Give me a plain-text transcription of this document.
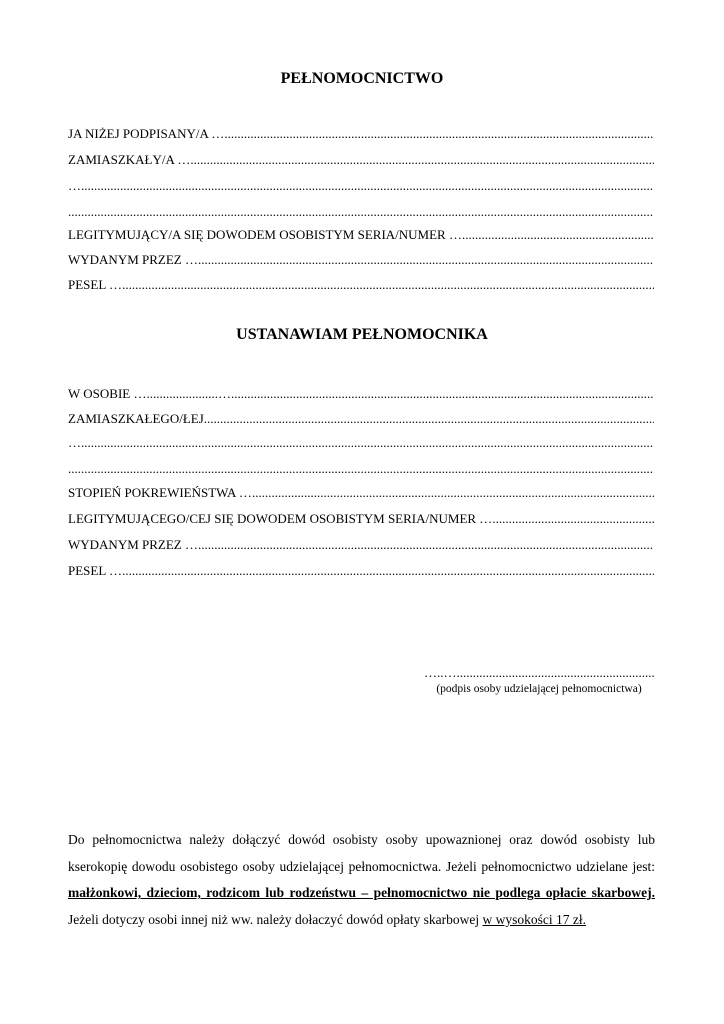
PEŁNOMOCNICTWO
JA NIŻEJ PODPISANY/A … .....
ZAMIASZKAŁY/A … .....
… .....
.....
LEGITYMUJĄCY/A SIĘ DOWODEM OSOBISTYM SERIA/NUMER … .....
WYDANYM PRZEZ … .....
PESEL … .....
USTANAWIAM PEŁNOMOCNIKA
W OSOBIE …......................… .....
ZAMIASZKAŁEGO/ŁEJ .....
… .....
.....
STOPIEŃ POKREWIEŃSTWA … .....
LEGITYMUJĄCEGO/CEJ SIĘ DOWODEM OSOBISTYM SERIA/NUMER … .....
WYDANYM PRZEZ … .....
PESEL … .....
…..… .....
(podpis osoby udzielającej pełnomocnictwa)
Do pełnomocnictwa należy dołączyć dowód osobisty osoby upowaznionej oraz dowód osobisty lub kserokopię dowodu osobistego osoby udzielającej pełnomocnictwa. Jeżeli pełnomocnictwo udzielane jest: małżonkowi, dzieciom, rodzicom lub rodzeństwu – pełnomocnictwo nie podlega opłacie skarbowej. Jeżeli dotyczy osobi innej niż ww. należy dołaczyć dowód opłaty skarbowej w wysokości 17 zł.
